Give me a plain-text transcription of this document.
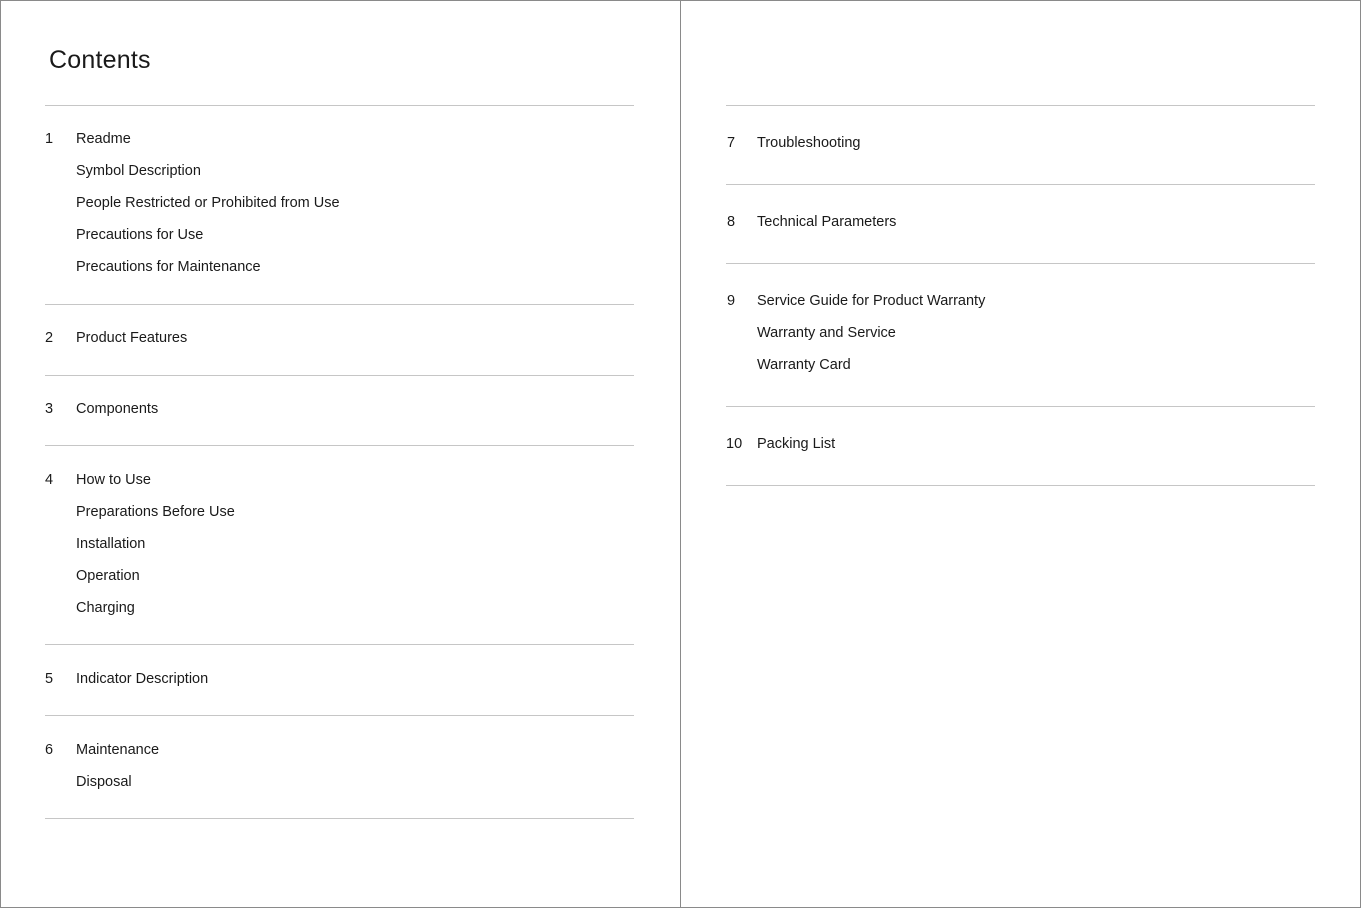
Contents
1 Readme
Symbol Description
People Restricted or Prohibited from Use
Precautions for Use
Precautions for Maintenance
2 Product Features
3 Components
4 How to Use
Preparations Before Use
Installation
Operation
Charging
5 Indicator Description
6 Maintenance
Disposal
7 Troubleshooting
8 Technical Parameters
9 Service Guide for Product Warranty
Warranty and Service
Warranty Card
10 Packing List
